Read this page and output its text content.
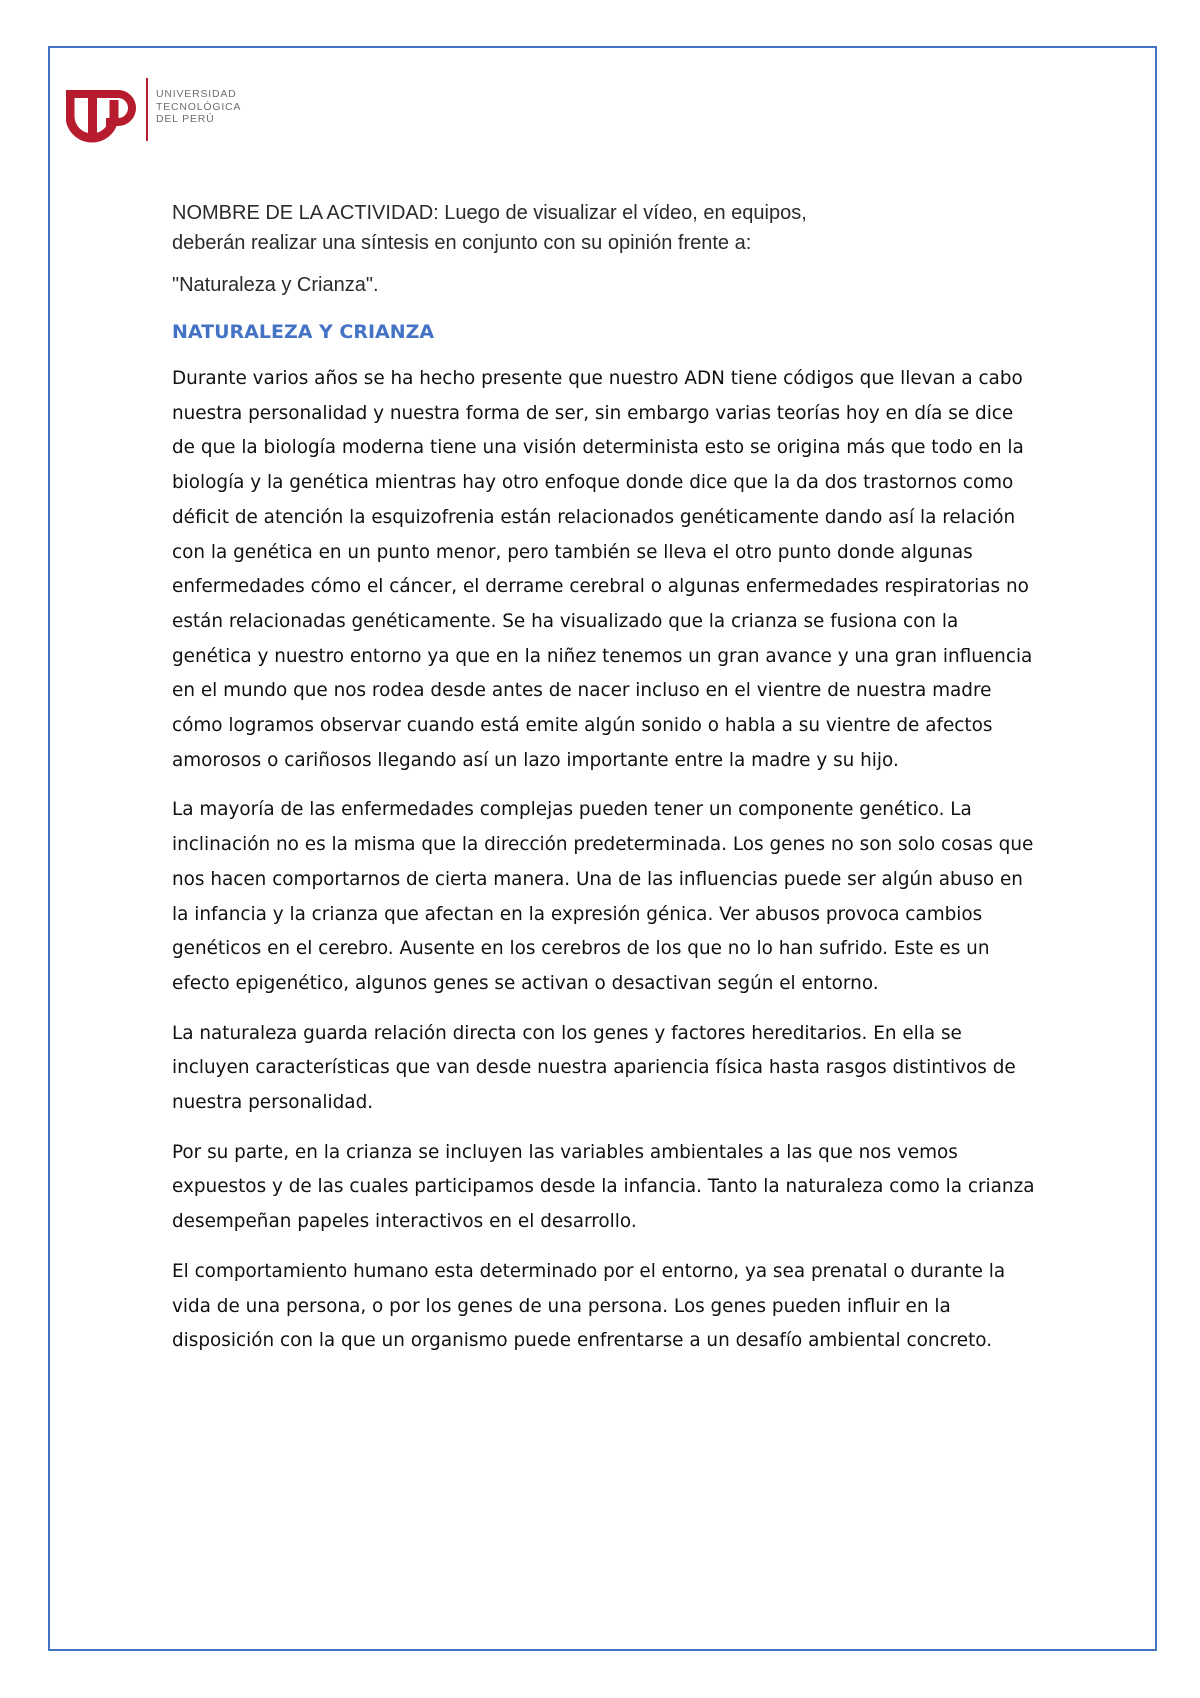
UNIVERSIDAD
TECNOLÓGICA
DEL PERÚ

NOMBRE DE LA ACTIVIDAD: Luego de visualizar el vídeo, en equipos,
deberán realizar una síntesis en conjunto con su opinión frente a:

"Naturaleza y Crianza".

NATURALEZA Y CRIANZA

Durante varios años se ha hecho presente que nuestro ADN tiene códigos que llevan a cabo nuestra personalidad y nuestra forma de ser, sin embargo varias teorías hoy en día se dice de que la biología moderna tiene una visión determinista esto se origina más que todo en la biología y la genética mientras hay otro enfoque donde dice que la da dos trastornos como déficit de atención la esquizofrenia están relacionados genéticamente dando así la relación con la genética en un punto menor, pero también se lleva el otro punto donde algunas enfermedades cómo el cáncer, el derrame cerebral o algunas enfermedades respiratorias no están relacionadas genéticamente. Se ha visualizado que la crianza se fusiona con la genética y nuestro entorno ya que en la niñez tenemos un gran avance y una gran influencia en el mundo que nos rodea desde antes de nacer incluso en el vientre de nuestra madre cómo logramos observar cuando está emite algún sonido o habla a su vientre de afectos amorosos o cariñosos llegando así un lazo importante entre la madre y su hijo.

La mayoría de las enfermedades complejas pueden tener un componente genético. La inclinación no es la misma que la dirección predeterminada. Los genes no son solo cosas que nos hacen comportarnos de cierta manera. Una de las influencias puede ser algún abuso en la infancia y la crianza que afectan en la expresión génica. Ver abusos provoca cambios genéticos en el cerebro. Ausente en los cerebros de los que no lo han sufrido. Este es un efecto epigenético, algunos genes se activan o desactivan según el entorno.

La naturaleza guarda relación directa con los genes y factores hereditarios. En ella se incluyen características que van desde nuestra apariencia física hasta rasgos distintivos de nuestra personalidad.

Por su parte, en la crianza se incluyen las variables ambientales a las que nos vemos expuestos y de las cuales participamos desde la infancia. Tanto la naturaleza como la crianza desempeñan papeles interactivos en el desarrollo.

El comportamiento humano esta determinado por el entorno, ya sea prenatal o durante la vida de una persona, o por los genes de una persona. Los genes pueden influir en la disposición con la que un organismo puede enfrentarse a un desafío ambiental concreto.
